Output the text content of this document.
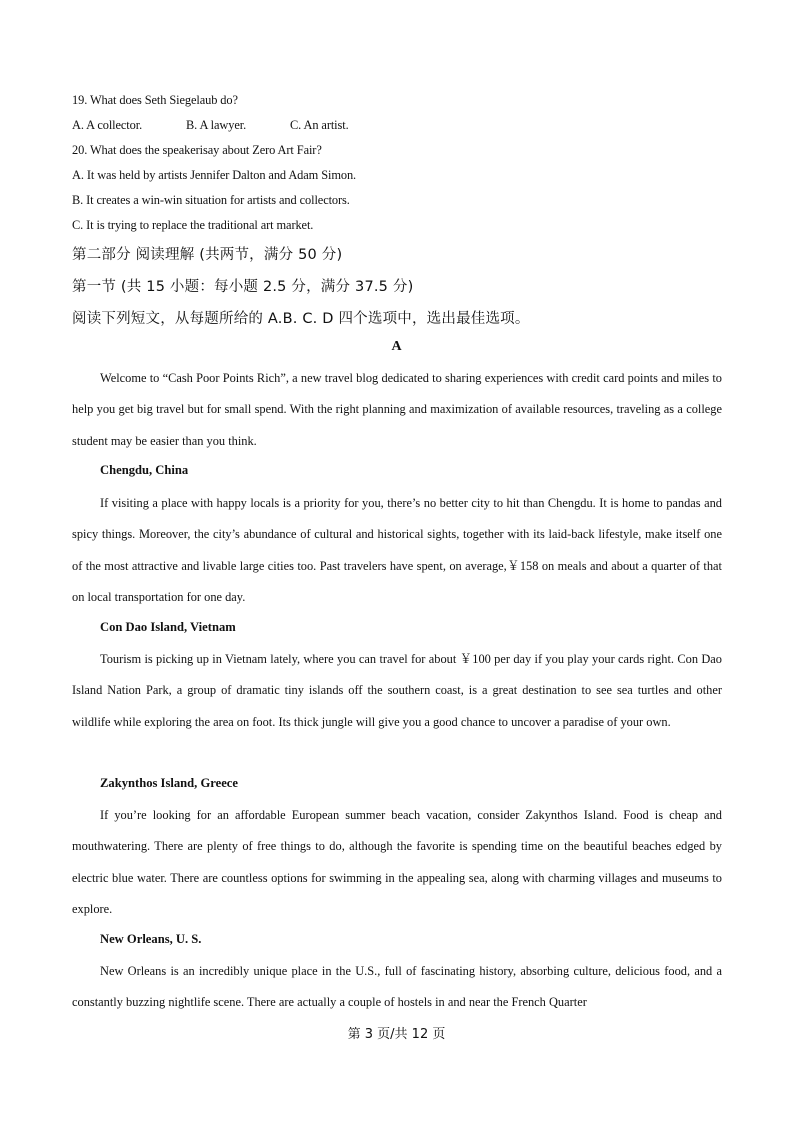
19. What does Seth Siegelaub do?
A. A collector.	B. A lawyer.	C. An artist.
20. What does the speakerisay about Zero Art Fair?
A. It was held by artists Jennifer Dalton and Adam Simon.
B. It creates a win-win situation for artists and collectors.
C. It is trying to replace the traditional art market.
第二部分 阅读理解 (共两节，满分 50 分)
第一节 (共 15 小题：每小题 2.5 分，满分 37.5 分)
阅读下列短文，从每题所给的 A.B. C. D 四个选项中，选出最佳选项。
A
Welcome to “Cash Poor Points Rich”, a new travel blog dedicated to sharing experiences with credit card points and miles to help you get big travel but for small spend. With the right planning and maximization of available resources, traveling as a college student may be easier than you think.
Chengdu, China
If visiting a place with happy locals is a priority for you, there’s no better city to hit than Chengdu. It is home to pandas and spicy things. Moreover, the city’s abundance of cultural and historical sights, together with its laid-back lifestyle, make itself one of the most attractive and livable large cities too. Past travelers have spent, on average,￥158 on meals and about a quarter of that on local transportation for one day.
Con Dao Island, Vietnam
Tourism is picking up in Vietnam lately, where you can travel for about ￥100 per day if you play your cards right. Con Dao Island Nation Park, a group of dramatic tiny islands off the southern coast, is a great destination to see sea turtles and other wildlife while exploring the area on foot. Its thick jungle will give you a good chance to uncover a paradise of your own.
Zakynthos Island, Greece
If you’re looking for an affordable European summer beach vacation, consider Zakynthos Island. Food is cheap and mouthwatering. There are plenty of free things to do, although the favorite is spending time on the beautiful beaches edged by electric blue water. There are countless options for swimming in the appealing sea, along with charming villages and museums to explore.
New Orleans, U. S.
New Orleans is an incredibly unique place in the U.S., full of fascinating history, absorbing culture, delicious food, and a constantly buzzing nightlife scene. There are actually a couple of hostels in and near the French Quarter
第 3 页/共 12 页
